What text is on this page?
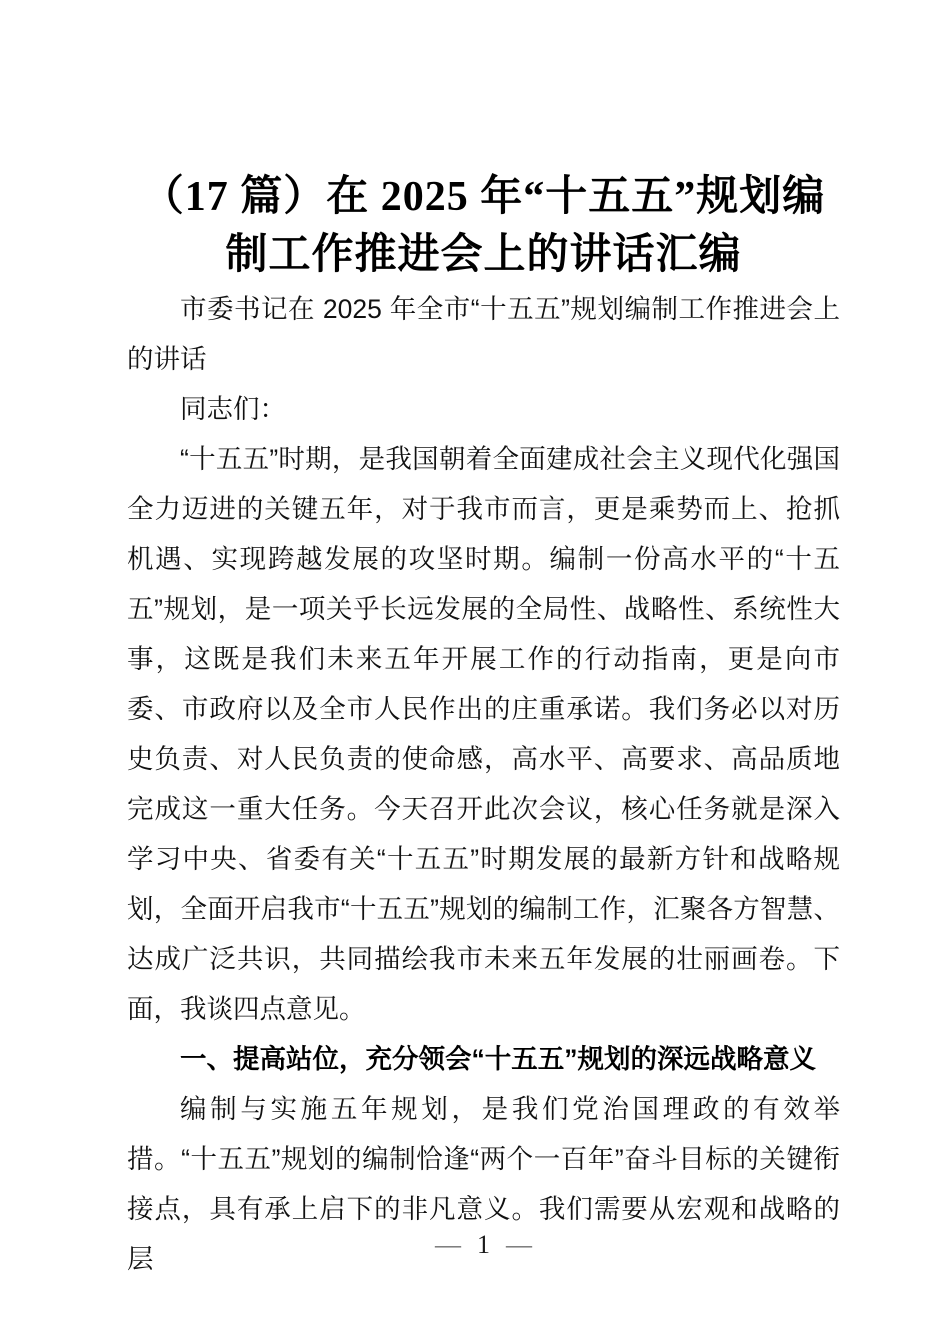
（17 篇）在 2025 年“十五五”规划编制工作推进会上的讲话汇编

市委书记在 2025 年全市“十五五”规划编制工作推进会上的讲话

同志们：

“十五五”时期，是我国朝着全面建成社会主义现代化强国全力迈进的关键五年，对于我市而言，更是乘势而上、抢抓机遇、实现跨越发展的攻坚时期。编制一份高水平的“十五五”规划，是一项关乎长远发展的全局性、战略性、系统性大事，这既是我们未来五年开展工作的行动指南，更是向市委、市政府以及全市人民作出的庄重承诺。我们务必以对历史负责、对人民负责的使命感，高水平、高要求、高品质地完成这一重大任务。今天召开此次会议，核心任务就是深入学习中央、省委有关“十五五”时期发展的最新方针和战略规划，全面开启我市“十五五”规划的编制工作，汇聚各方智慧、达成广泛共识，共同描绘我市未来五年发展的壮丽画卷。下面，我谈四点意见。

一、提高站位，充分领会“十五五”规划的深远战略意义

编制与实施五年规划，是我们党治国理政的有效举措。“十五五”规划的编制恰逢“两个一百年”奋斗目标的关键衔接点，具有承上启下的非凡意义。我们需要从宏观和战略的层	— 1 —
